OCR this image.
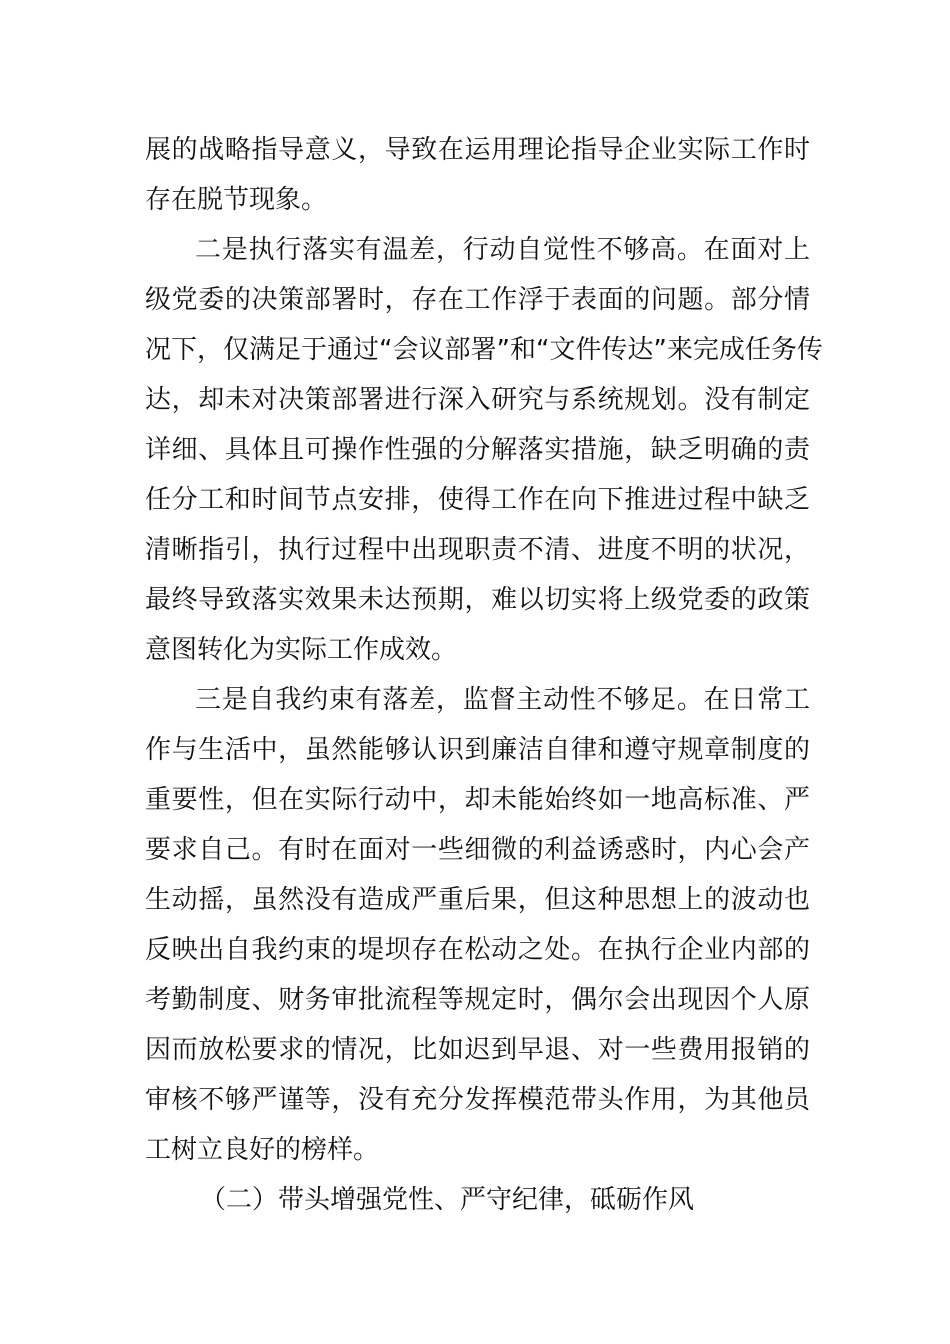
展的战略指导意义，导致在运用理论指导企业实际工作时
存在脱节现象。
二是执行落实有温差，行动自觉性不够高。在面对上
级党委的决策部署时，存在工作浮于表面的问题。部分情
况下，仅满足于通过“会议部署”和“文件传达”来完成任务传
达，却未对决策部署进行深入研究与系统规划。没有制定
详细、具体且可操作性强的分解落实措施，缺乏明确的责
任分工和时间节点安排，使得工作在向下推进过程中缺乏
清晰指引，执行过程中出现职责不清、进度不明的状况，
最终导致落实效果未达预期，难以切实将上级党委的政策
意图转化为实际工作成效。
三是自我约束有落差，监督主动性不够足。在日常工
作与生活中，虽然能够认识到廉洁自律和遵守规章制度的
重要性，但在实际行动中，却未能始终如一地高标准、严
要求自己。有时在面对一些细微的利益诱惑时，内心会产
生动摇，虽然没有造成严重后果，但这种思想上的波动也
反映出自我约束的堤坝存在松动之处。在执行企业内部的
考勤制度、财务审批流程等规定时，偶尔会出现因个人原
因而放松要求的情况，比如迟到早退、对一些费用报销的
审核不够严谨等，没有充分发挥模范带头作用，为其他员
工树立良好的榜样。
（二）带头增强党性、严守纪律，砥砺作风
